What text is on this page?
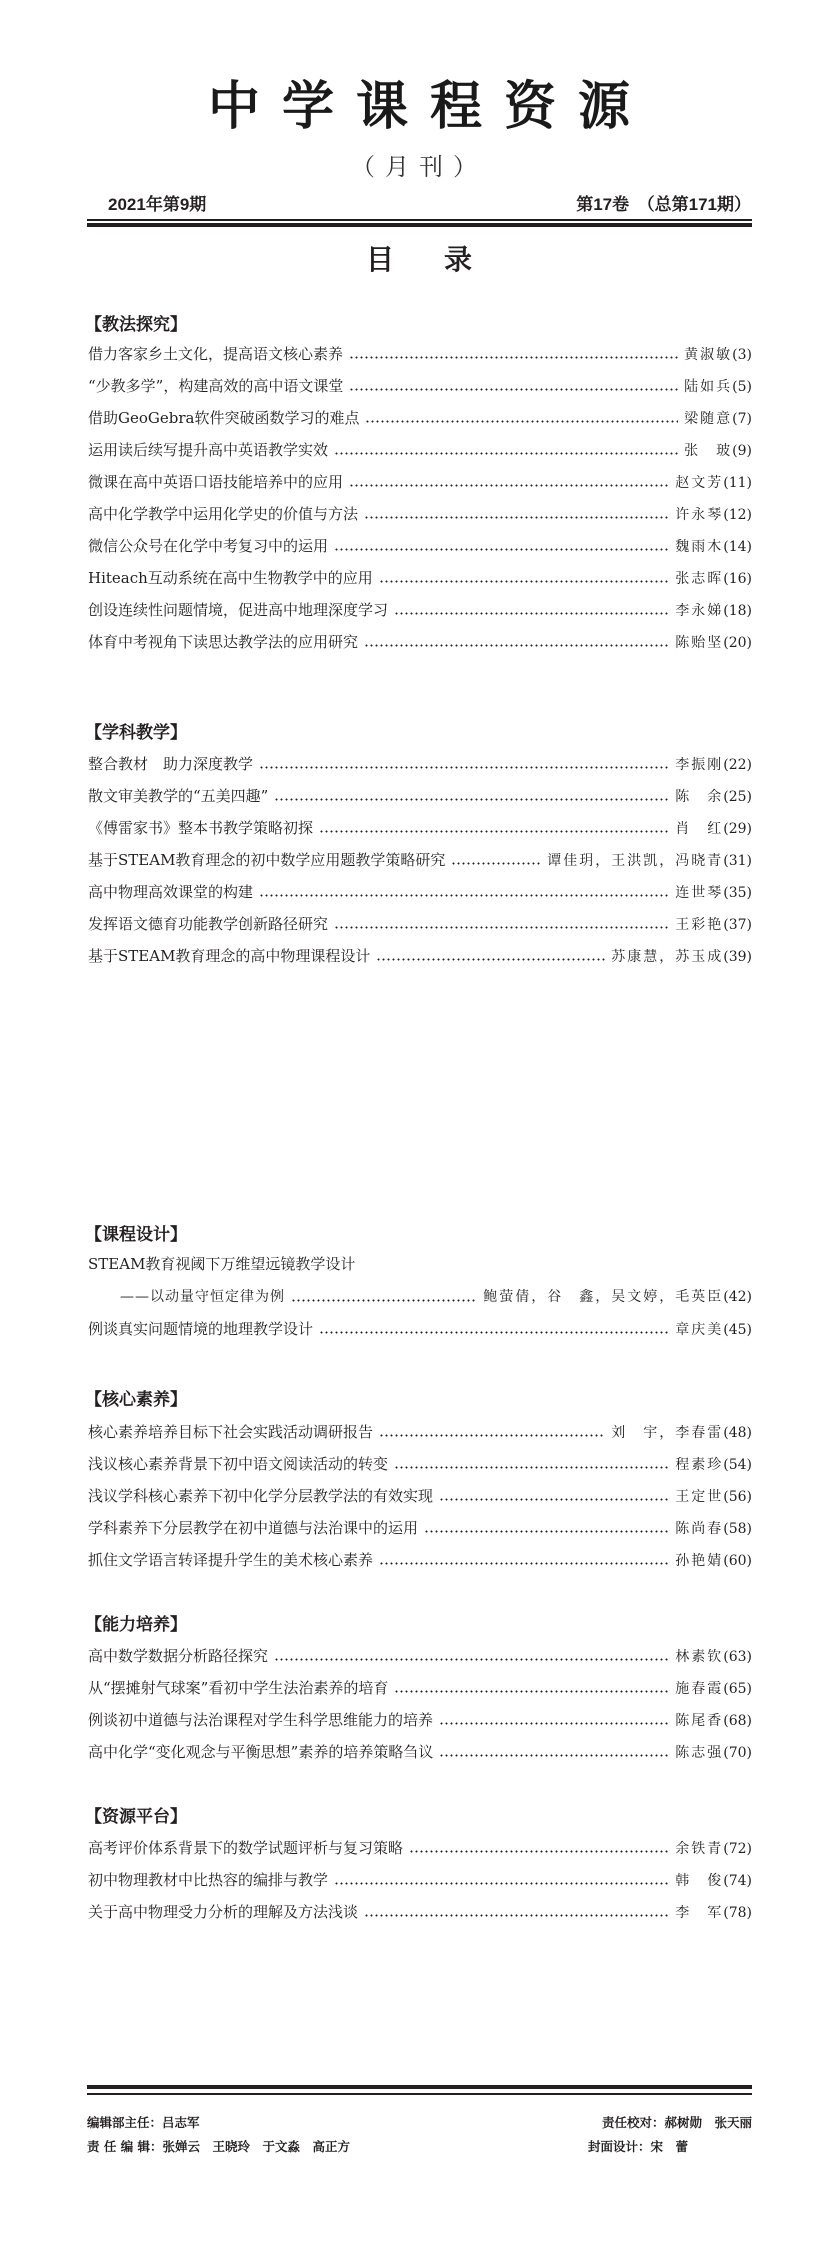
中学课程资源
（月刊）
2021年第9期	第17卷　（总第171期）
目录
【教法探究】
借力客家乡土文化，提高语文核心素养	黄淑敏 (3)
“少教多学”，构建高效的高中语文课堂	陆如兵 (5)
借助GeoGebra软件突破函数学习的难点	梁随意 (7)
运用读后续写提升高中英语教学实效	张　玻 (9)
微课在高中英语口语技能培养中的应用	赵文芳 (11)
高中化学教学中运用化学史的价值与方法	许永琴 (12)
微信公众号在化学中考复习中的运用	魏雨木 (14)
Hiteach互动系统在高中生物教学中的应用	张志晖 (16)
创设连续性问题情境，促进高中地理深度学习	李永娣 (18)
体育中考视角下读思达教学法的应用研究	陈贻坚 (20)
【学科教学】
整合教材　助力深度教学	李振刚 (22)
散文审美教学的“五美四趣”	陈　余 (25)
《傅雷家书》整本书教学策略初探	肖　红 (29)
基于STEAM教育理念的初中数学应用题教学策略研究	谭佳玥，王洪凯，冯晓青 (31)
高中物理高效课堂的构建	连世琴 (35)
发挥语文德育功能教学创新路径研究	王彩艳 (37)
基于STEAM教育理念的高中物理课程设计	苏康慧，苏玉成 (39)
【课程设计】
STEAM教育视阈下万维望远镜教学设计
——以动量守恒定律为例	鲍萤倩，谷　鑫，吴文婷，毛英臣 (42)
例谈真实问题情境的地理教学设计	章庆美 (45)
【核心素养】
核心素养培养目标下社会实践活动调研报告	刘　宇，李春雷 (48)
浅议核心素养背景下初中语文阅读活动的转变	程素珍 (54)
浅议学科核心素养下初中化学分层教学法的有效实现	王定世 (56)
学科素养下分层教学在初中道德与法治课中的运用	陈尚春 (58)
抓住文学语言转译提升学生的美术核心素养	孙艳婧 (60)
【能力培养】
高中数学数据分析路径探究	林素钦 (63)
从“摆摊射气球案”看初中学生法治素养的培育	施春霞 (65)
例谈初中道德与法治课程对学生科学思维能力的培养	陈尾香 (68)
高中化学“变化观念与平衡思想”素养的培养策略刍议	陈志强 (70)
【资源平台】
高考评价体系背景下的数学试题评析与复习策略	余铁青 (72)
初中物理教材中比热容的编排与教学	韩　俊 (74)
关于高中物理受力分析的理解及方法浅谈	李　军 (78)
编辑部主任：吕志军
责 任 编 辑：张婵云　王晓玲　于文淼　高正方
责任校对：郝树勋　张天丽
封面设计：宋　蕾
